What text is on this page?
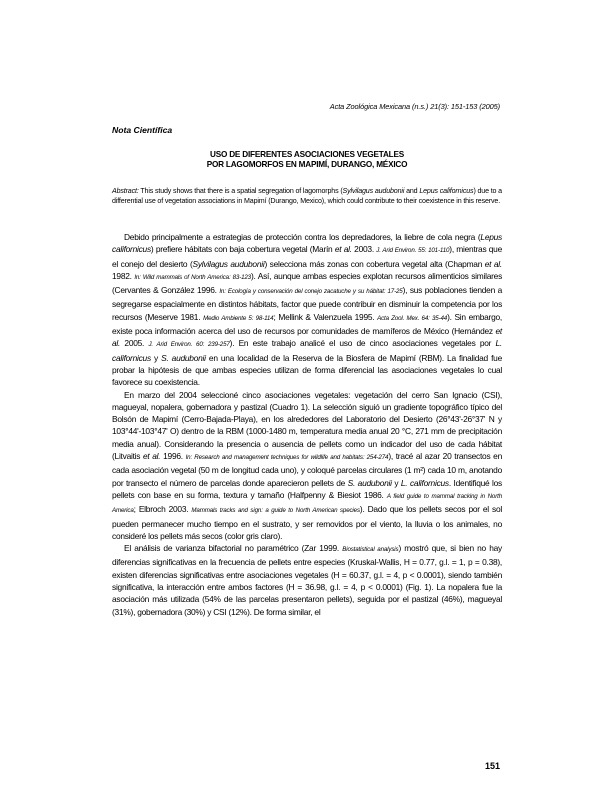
Acta Zoológica Mexicana (n.s.) 21(3): 151-153 (2005)
Nota Científica
USO DE DIFERENTES ASOCIACIONES VEGETALES
POR LAGOMORFOS EN MAPIMÍ, DURANGO, MÉXICO
Abstract: This study shows that there is a spatial segregation of lagomorphs (Sylvilagus audubonii and Lepus californicus) due to a differential use of vegetation associations in Mapimí (Durango, Mexico), which could contribute to their coexistence in this reserve.

Debido principalmente a estrategias de protección contra los depredadores, la liebre de cola negra (Lepus californicus) prefiere hábitats con baja cobertura vegetal (Marín et al. 2003. J. Arid Environ. 55: 101-110), mientras que el conejo del desierto (Sylvilagus audubonii) selecciona más zonas con cobertura vegetal alta (Chapman et al. 1982. In: Wild mammals of North America: 83-123). Así, aunque ambas especies explotan recursos alimenticios similares (Cervantes & González 1996. In: Ecología y conservación del conejo zacatuche y su hábitat: 17-25), sus poblaciones tienden a segregarse espacialmente en distintos hábitats, factor que puede contribuir en disminuir la competencia por los recursos (Meserve 1981. Medio Ambiente 5: 98-114; Mellink & Valenzuela 1995. Acta Zool. Mex. 64: 35-44). Sin embargo, existe poca información acerca del uso de recursos por comunidades de mamíferos de México (Hernández et al. 2005. J. Arid Environ. 60: 239-257). En este trabajo analicé el uso de cinco asociaciones vegetales por L. californicus y S. audubonii en una localidad de la Reserva de la Biosfera de Mapimí (RBM). La finalidad fue probar la hipótesis de que ambas especies utilizan de forma diferencial las asociaciones vegetales lo cual favorece su coexistencia.

En marzo del 2004 seleccioné cinco asociaciones vegetales: vegetación del cerro San Ignacio (CSI), magueyal, nopalera, gobernadora y pastizal (Cuadro 1). La selección siguió un gradiente topográfico típico del Bolsón de Mapimí (Cerro-Bajada-Playa), en los alrededores del Laboratorio del Desierto (26°43'-26°37' N y 103°44'-103°47' O) dentro de la RBM (1000-1480 m, temperatura media anual 20 °C, 271 mm de precipitación media anual). Considerando la presencia o ausencia de pellets como un indicador del uso de cada hábitat (Litvaitis et al. 1996. In: Research and management techniques for wildlife and habitats: 254-274), tracé al azar 20 transectos en cada asociación vegetal (50 m de longitud cada uno), y coloqué parcelas circulares (1 m²) cada 10 m, anotando por transecto el número de parcelas donde aparecieron pellets de S. audubonii y L. californicus. Identifiqué los pellets con base en su forma, textura y tamaño (Halfpenny & Biesiot 1986. A field guide to mammal tracking in North America; Elbroch 2003. Mammals tracks and sign: a guide to North American species). Dado que los pellets secos por el sol pueden permanecer mucho tiempo en el sustrato, y ser removidos por el viento, la lluvia o los animales, no consideré los pellets más secos (color gris claro).

El análisis de varianza bifactorial no paramétrico (Zar 1999. Biostatistical analysis) mostró que, si bien no hay diferencias significativas en la frecuencia de pellets entre especies (Kruskal-Wallis, H = 0.77, g.l. = 1, p = 0.38), existen diferencias significativas entre asociaciones vegetales (H = 60.37, g.l. = 4, p < 0.0001), siendo también significativa, la interacción entre ambos factores (H = 36.98, g.l. = 4, p < 0.0001) (Fig. 1). La nopalera fue la asociación más utilizada (54% de las parcelas presentaron pellets), seguida por el pastizal (46%), magueyal (31%), gobernadora (30%) y CSI (12%). De forma similar, el

151
